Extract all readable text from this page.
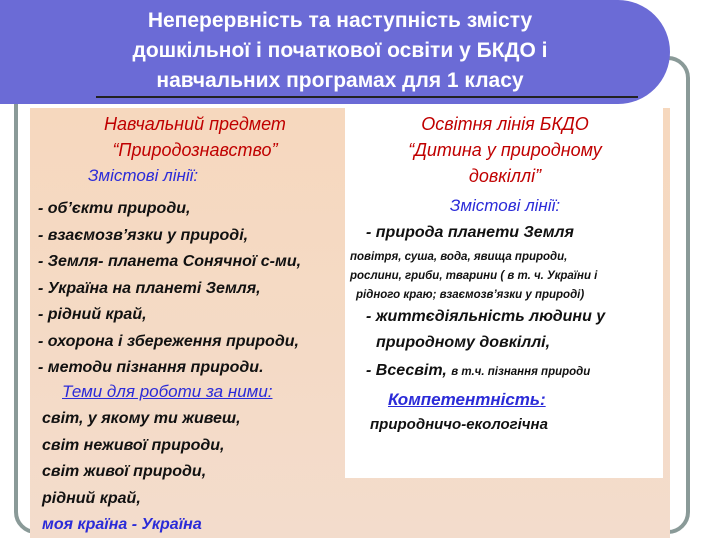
Неперервність та наступність змісту
дошкільної і початкової освіти у БКДО і
навчальних програмах для 1 класу
Навчальний предмет
“Природознавство”
Змістові лінії:
- об’єкти природи,
- взаємозв’язки у природі,
- Земля- планета Сонячної с-ми,
- Україна на планеті Земля,
- рідний край,
- охорона і збереження природи,
- методи пізнання природи.
Теми для роботи за ними:
світ, у якому ти живеш,
світ неживої природи,
світ живої природи,
рідний край,
моя країна - Україна
Освітня лінія БКДО
“Дитина у природному
довкіллі”
Змістові лінії:
- природа планети Земля
повітря, суша, вода, явища природи,
рослини, гриби, тварини ( в т. ч. України і
рідного краю; взаємозв’язки у природі)
- життєдіяльність людини у
природному довкіллі,
- Всесвіт, в т.ч. пізнання природи
Компетентність:
природничо-екологічна
